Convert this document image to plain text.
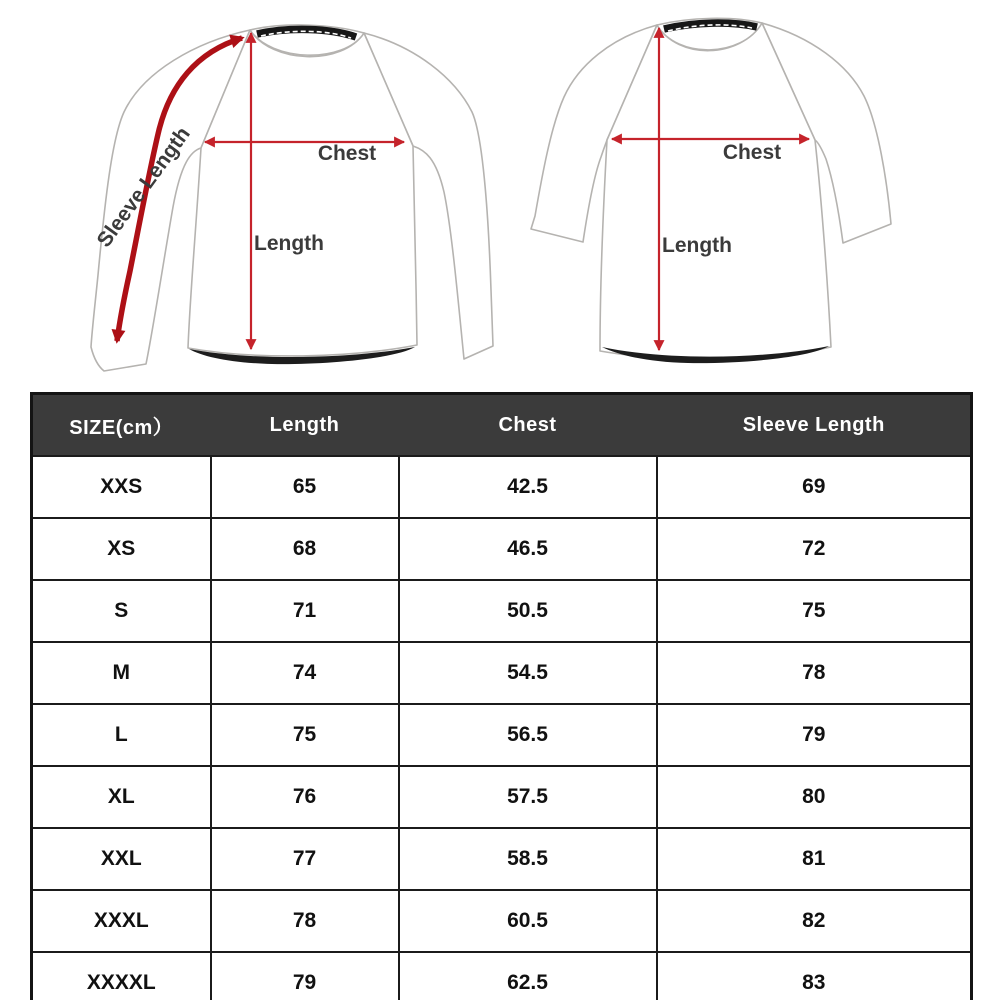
Sleeve Length	Chest
Length
Chest
Length
SIZE(cm）	Length	Chest	Sleeve Length
XXS	65	42.5	69
XS	68	46.5	72
S	71	50.5	75
M	74	54.5	78
L	75	56.5	79
XL	76	57.5	80
XXL	77	58.5	81
XXXL	78	60.5	82
XXXXL	79	62.5	83
